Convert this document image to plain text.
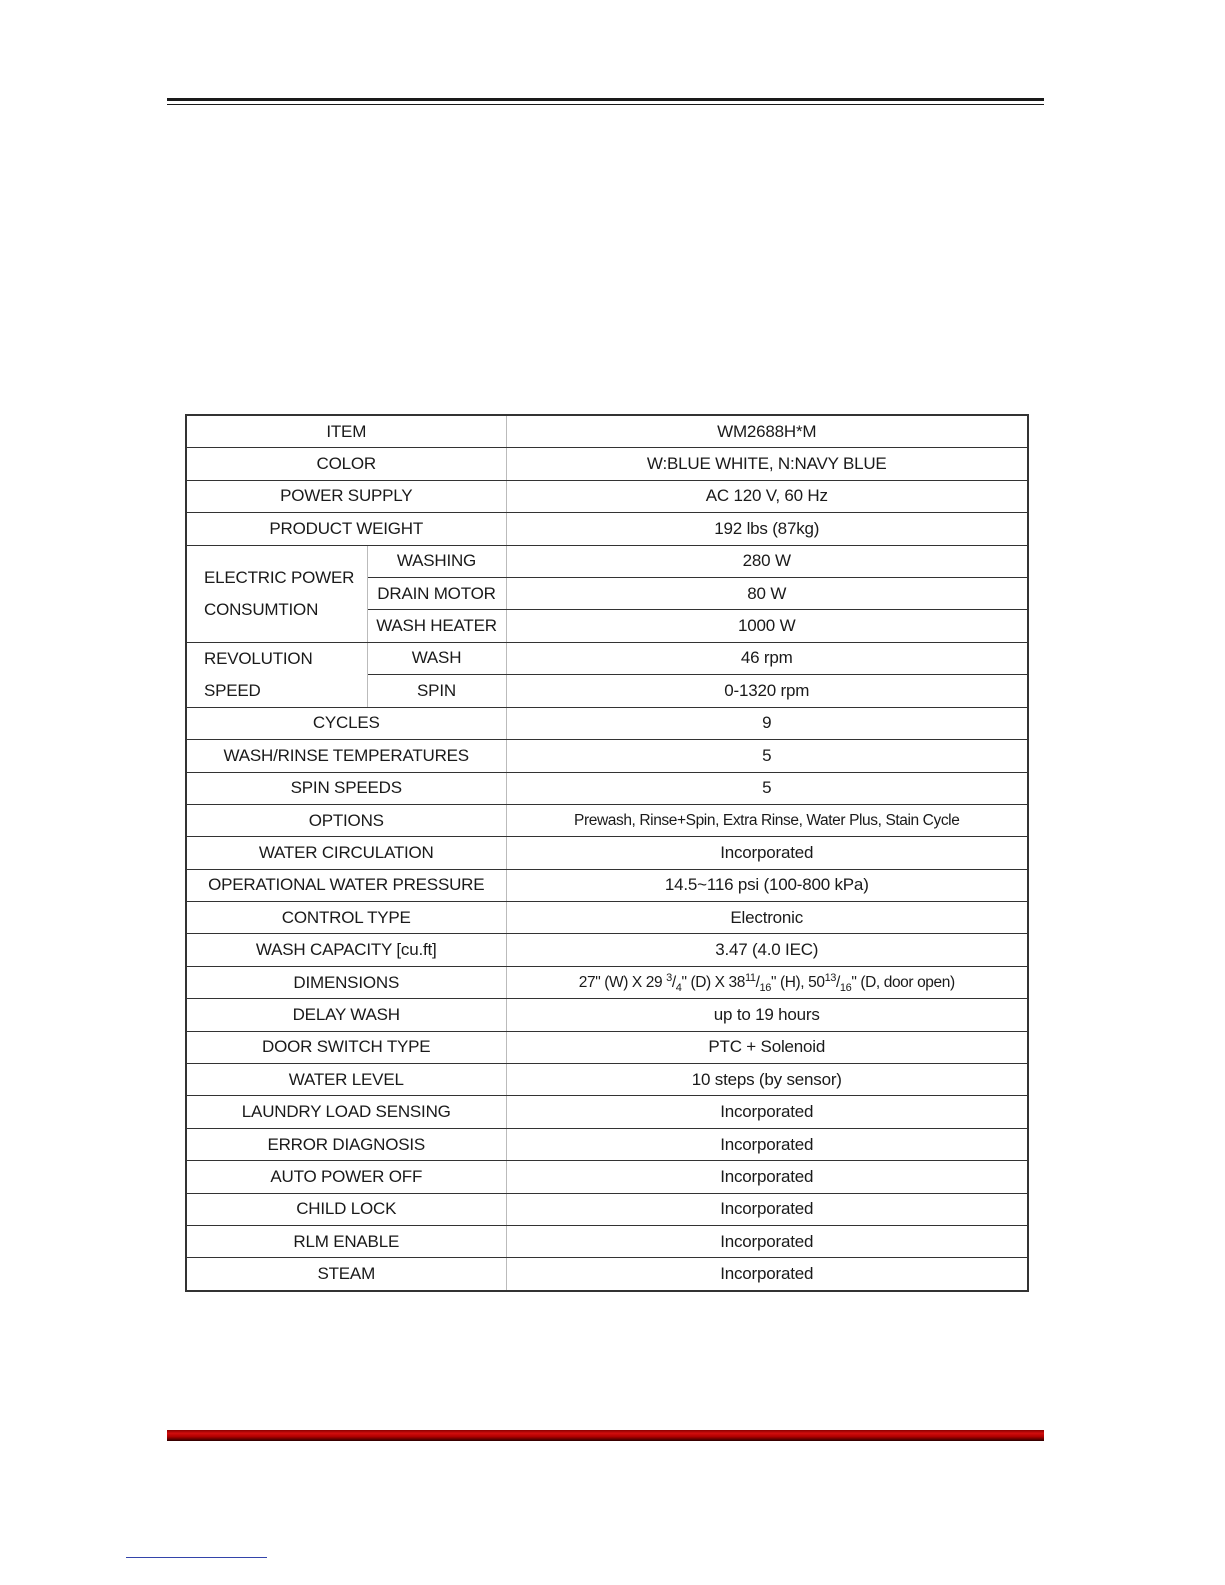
ITEM		WM2688H*M
COLOR		W:BLUE WHITE, N:NAVY BLUE
POWER SUPPLY		AC 120 V, 60 Hz
PRODUCT WEIGHT		192 lbs (87kg)
ELECTRIC POWER
CONSUMTION	WASHING	280 W
	DRAIN MOTOR	80 W
	WASH HEATER	1000 W
REVOLUTION SPEED	WASH	46 rpm
	SPIN	0-1320 rpm
CYCLES		9
WASH/RINSE TEMPERATURES		5
SPIN SPEEDS		5
OPTIONS		Prewash, Rinse+Spin, Extra Rinse, Water Plus, Stain Cycle
WATER CIRCULATION		Incorporated
OPERATIONAL WATER PRESSURE		14.5~116 psi (100-800 kPa)
CONTROL TYPE		Electronic
WASH CAPACITY [cu.ft]		3.47 (4.0 IEC)
DIMENSIONS		27" (W) X 29 $^3/_4$" (D) X $38^{11}/_{16}$" (H), $50^{13}/_{16}$" (D, door open)
DELAY WASH		up to 19 hours
DOOR SWITCH TYPE		PTC + Solenoid
WATER LEVEL		10 steps (by sensor)
LAUNDRY LOAD SENSING		Incorporated
ERROR DIAGNOSIS		Incorporated
AUTO POWER OFF		Incorporated
CHILD LOCK		Incorporated
RLM ENABLE		Incorporated
STEAM		Incorporated
